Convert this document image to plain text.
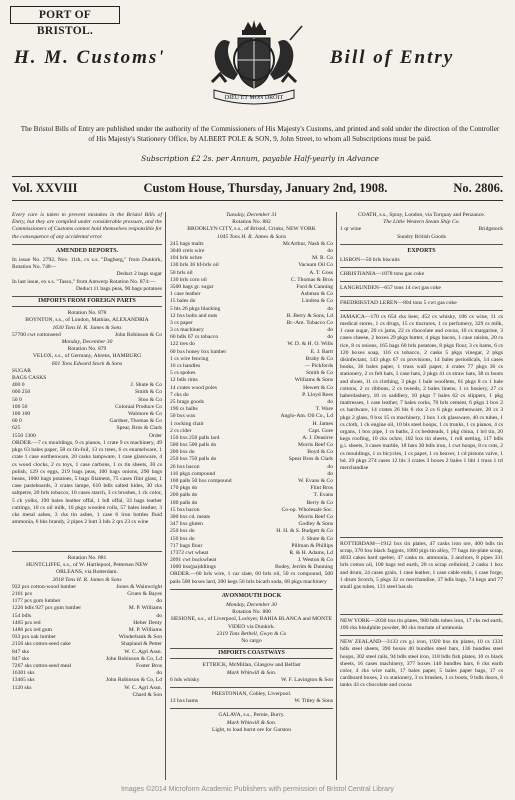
PORT OF BRISTOL.
H. M. Customs'	Bill of Entry
DIEU ET MON DROIT
The Bristol Bills of Entry are published under the authority of the Commissioners of His Majesty's Customs, and printed and sold under the direction of the Controller of His Majesty's Stationery Office, by ALBERT POLE & SON, 9, John Street, to whom all Subscriptions must be paid.
Subscription £2 2s. per Annum, payable Half-yearly in Advance
Vol. XXVIII	Custom House, Thursday, January 2nd, 1908.	No. 2806.
Every care is taken to prevent mistakes in the Bristol Bills of Entry, but they are compiled under considerable pressure, and the Commissioners of Customs cannot hold themselves responsible for the consequence of any accidental error.
AMENDED REPORTS.
In issue No. 2792, Nov. 11th, cx s.s. "Dagborg," from Dunkirk, Rotation No. 748—
Deduct 2 bags sugar
In last issue, ex s.s. "Tasso," from Antwerp Rotation No. 874:—
Deduct 11 bags peas, 90 bags potatoes
IMPORTS FROM FOREIGN PARTS
Rotation No. 878
BOYNTON, s.s., of London, Mathias, ALEXANDRIA
1630 Tons H. R. James & Sons
57700 cwt cottonseed	John Robinson & Co
Monday, December 30
Rotation No. 879
VELOX, s.s., of Germany, Ahrens, HAMBURG
601 Tons Edward Stock & Sons
SUGAR
BAGS CASKS
400 0	J. Shute & Co
600 250	Smith & Co
50 0	Sloo & Co
100 50	Colonial Produce Co
100 100	Walmore & Co
60 0	Gardner, Thomas & Co
625	Spear, Bros & Clark
1550 1300	Order
ORDER.—7 cs mouldings, 9 cs pianos, 1 crate 9 cs machinery, 49 pkgs 63 bales paper, 58 cs tin-foil, 13 cs trees, 6 cs enamelware, 1 crate 1 case earthenware, 20 casks lampware, 1 case glassware, 4 cs wood clocks, 2 cs toys, 1 case carbons, 1 cs tin sheets, 30 cs polish, 129 cs eggs, 219 bags peas, 100 bags onions, 290 bags beans, 1000 bags potatoes, 5 bags filament, 75 cases flint glass, 1 case pasteboards, 3 crates lampe, 610 bdls salted hides, 30 cks saltpetre, 20 brls tobacco, 10 cases starch, 3 cs brushes, 1 ck color, 5 ck yolks, 190 bales leather offal, 1 bdl offal, 33 bags leather cuttings, 10 cs oil milk, 10 pkgs wooden rolls, 57 bales leather, 3 cks metal ashes, 3 cks tin ashes, 1 case 6 iron bottles fluid ammonia, 6 bks brandy, 2 pipes 2 butt 3 hds 2 qrs 23 cs wine
Rotation No. 881
HUNTCLIFFE, s.s., of W. Hartlepool, Pettersen NEW ORLEANS, via Rotterdam.
2018 Tons H. R. James & Sons
932 pcs cotton-wood lumber	Jones & Wainwright
2161 pcs	Gruen & Bayes
1177 pcs gum lumber	do
1226 bdls 927 pcs gum lumber	M. P. Williams
154 bdls	do
1465 pcs red	Heber Denty
1486 pcs red gum	M. P. Williams
933 pcs oak lumber	Winderbank & Son
2156 sks cotton-seed cake	Shapland & Petter
847 sks	W. C. Agri Assn.
847 sks	John Robinson & Co, Ld
7267 sks cotton-seed meal	Foster Bros
16301 sks	do
13465 sks	John Robinson & Co, Ld
1120 sks	W. C. Agri Assn.
Chard & Son
Tuesday, December 31
Rotation No. 882
BROOKLYN CITY, s.s., of Bristol, Crinks, NEW YORK
1045 Tons H. R. James & Sons
245 bags malts	McArthur, Nash & Co
3040 crels wire	do
104 brls ochre	M. R. Co
130 brls 36 hf-brls oil	Vacuum Oil Co
50 brls oil	A. T. Goss
130 brls corn oil	C. Thomas & Bros
3500 bags gr. sugar	Ford & Canning
1 case leather	Ashman & Co
15 bales do	Lindrea & Co
5 bls 26 pkgs blacking	do
12 bxs bolts and nuts	B. Berry & Sons, Ld
3 cs paper	Br.-Am. Tobacco Co
3 cs machinery	do
60 bdls 67 cs tobacco	do
122 tres do	W. D. & H. O. Wills
60 bxs honey bxs lumber	E. J. Bartt
1 cs wire fencing	Braby & Co
16 cs handles	— Pickfords
5 cs spokes	Smith & Co
12 bdls rims	Williams & Sons
14 crates wood poles	Hewett & Co
7 cks do	P. Lloyd Rees
25 brags goods	do
190 cs balbs	T. Ware
50 bxs wax	Anglo-Am. Oil Co., Ld
1 rocking chair	H. James
2 cs cider	Capt. Gore
150 bxs 250 palls lard	A. J. Deasirre
500 bxs 500 palls do	Morris Beef Co
200 bxs do	Boyd & Co
250 bxs 750 palls do	Spear Bros & Clark
26 bxs bacon	do
116 pkgs compound	do
100 palls 50 bxs compound	W. Evans & Co
170 pkgs do	Flint Bros
200 palls do	T. Evans
100 palls do	Berry & Co
15 bxs bacon	Co-op. Wholesale Soc.
300 bxs cd. meats	Morris Beef Co
347 bxs gluten	Godley & Sons
250 bxs do	H. H. & S. Budgett & Co
150 bxs do	J. Shute & Co
717 bags flour	Pillman & Phillips
17372 cwt wheat	R. & H. Adams, Ld
2091 cwt buckwheat	J. Weston & Co
1000 bxs(pa)ddlings	Bodey, Jerrim & Dunning
ORDER.—60 brls wire, 1 car slate, 60 brls oil, 50 cs compound, 500 pails 500 boxes lard, 200 kegs 56 brls bicarb soda, 68 pkgs machinery
AVONMOUTH DOCK
Monday, December 30
Rotation No. 880
HESIONE, s.s., of Liverpool, Lockyer, BAHIA BLANCA and MONTE VIDEO via Dunkirk.
2319 Tons Bethell, Gwyn & Co
No cargo
IMPORTS COASTWAYS
ETTRICK, McMillan, Glasgow and Belfast
Mark Whitwill & Son.
6 hds whisky	W. F. Lavington & Son
PRESTONIAN, Cobley, Liverpool.
13 hxs hams	W. Titley & Sons
GALAVA, s.s., Pernie, Burry.
Mark Whitwill & Son.
Light, to load burnt ore for Garston
COATH, s.s., Spray, London, via Torquay and Penzance.
The Little Western Steam Ship Co.
1 qr wine	Bridgstock
Sundry British Goods
EXPORTS
LISBON—50 brls biscuits
CHRISTIANIA—1078 tons gas coke
LANGRUNDEN—657 tons 14 cwt gas coke
FREDRIKSTAD LEREN—804 tons 5 cwt gas coke
JAMAICA—170 cs 654 cks beer, 452 cs whisky, 106 cs wine, 11 cs medical stores, 1 cs drugs, 15 cs tinctures, 1 cs perfumery, 329 cs milk, 1 case sugar, 20 cs jams, 22 cs chocolate and cocoa, 10 cs margarine, 3 cases cheese, 2 boxes 29 pkgs butter, 4 pkgs bacon, 1 case raisins, 20 cs rice, 8 cs onions, 165 bags 60 brls potatoes, 8 pkgs flour, 3 cs hams, 6 cs 120 boxes soap, 116 cs tobacco, 2 casks 5 pkgs vinegar, 2 pkgs disinfectant, 143 pkgs 67 cs provisions, 14 bales periodicals, 14 cases books, 36 bales paper, 1 truss wall paper, 4 crates 77 pkgs 36 cs stationery, 2 cs felt hats, 1 case hats, 2 pkgs 41 cs straw hats, 38 cs boots and shoes, 11 cs clothing, 3 pkgs 1 bale woollens, 61 pkgs 8 cs 1 bale cottons, 2 cs ribbons, 2 cs tweeds, 2 bales linens, 1 cs hosiery, 27 cs haberdashery, 10 cs saddlery, 10 pkgs 7 bales 62 cs slippers, 1 pkg mattresses, 1 case leather, 7 bales corks, 70 brls cement, 6 pkgs 1 box 2 cs hardware, 14 crates 26 bls 6 cks 2 cs 6 pkgs earthenware, 20 cs 3 pkgs 2 glass, 9 bxs 15 cs machinery, 1 box 1 ck glassware, 40 cs tubes, 1 cs cloth, 1 ck engine oil, 10 bls steel hoops, 1 cs trunks, 1 cs pianos, 4 cs organs, 1 box pipe, 1 cs baths, 2 cs bedsteads, 1 pkg china, 1 brl tin, 20 kegs roofing, 10 cks ochre, 102 bxs tin sheets, 1 roll netting, 117 bdls g.i. sheets, 3 cases marble, 18 bars 30 bdls iron, 1 cwt hoops, 8 cs cuts, 2 cs mouldings, 1 cs bicycles, 1 cs paper, 1 cs beaver, 1 cd pistons valve, 1 bd. 29 pkgs 274 cases 12 bls 3 crates 3 boxes 2 bales 1 bbl 1 truss 1 trl merchandise
ROTTERDAM—1912 bxs tin plates, 47 casks iron ore, 400 bdls tin scrap, 370 bxs black faggots, 1080 pigs tin alloy, 77 bags tin-plate scrap, 4033 cakes hard spelter, 47 casks m. ammonia, 3 anchors, 8 pipes 331 brls cotton oil, 100 bags red earth, 20 cs scrap celluloid, 2 casks 1 box and drum, 24 cases grain, 1 case leather, 1 case cable ends, 1 case forge, 1 drum Scotch, 5 pkgs 32 cs merchandise, 37 bdls bags, 74 kegs and 77 small gas tubes, 131 steel bar.sls
NEW YORK—2030 bxs tin plates, 980 bdls tubes iron, 17 cks red earth, 100 cks bisulphite powder, 80 cks muriate of ammonia
NEW ZEALAND—3133 crs g.i iron, 1920 bxs tin plates, 10 cs 1331 bdls steel sheets, 390 boxes 40 bundles steel bars, 136 bundles steel hoops, 302 steel rails, 94 bdls steel iron, 118 bdls fish plates, 10 cs black sheets, 16 cases machinery, 377 boxes 140 bundles bars, 6 cks earth color, 4 cks wire nails, 17 bales paper, 5 bales paper bags, 17 cs cardboard boxes, 2 cs stationery, 3 cs brushes, 1 cs boots, 9 bdls doors, 6 tanks 43 cs chocolate and cocoa
Images ©2014 Microform Academic Publishers with permission of Bristol Central Library
